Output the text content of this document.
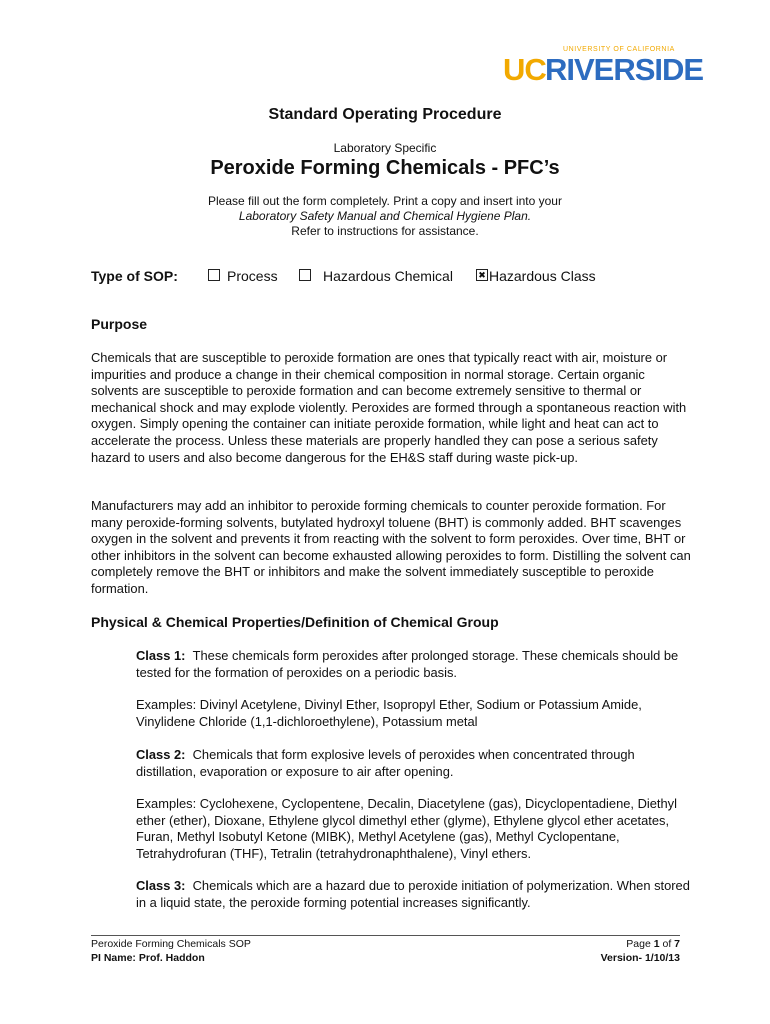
UNIVERSITY OF CALIFORNIA
UC RIVERSIDE
Standard Operating Procedure
Laboratory Specific
Peroxide Forming Chemicals - PFC’s
Please fill out the form completely. Print a copy and insert into your
Laboratory Safety Manual and Chemical Hygiene Plan.
Refer to instructions for assistance.
Type of SOP:	Process	Hazardous Chemical	✖ Hazardous Class
Purpose
Chemicals that are susceptible to peroxide formation are ones that typically react with air, moisture or impurities and produce a change in their chemical composition in normal storage. Certain organic solvents are susceptible to peroxide formation and can become extremely sensitive to thermal or mechanical shock and may explode violently. Peroxides are formed through a spontaneous reaction with oxygen. Simply opening the container can initiate peroxide formation, while light and heat can act to accelerate the process. Unless these materials are properly handled they can pose a serious safety hazard to users and also become dangerous for the EH&S staff during waste pick-up.
Manufacturers may add an inhibitor to peroxide forming chemicals to counter peroxide formation. For many peroxide-forming solvents, butylated hydroxyl toluene (BHT) is commonly added. BHT scavenges oxygen in the solvent and prevents it from reacting with the solvent to form peroxides. Over time, BHT or other inhibitors in the solvent can become exhausted allowing peroxides to form. Distilling the solvent can completely remove the BHT or inhibitors and make the solvent immediately susceptible to peroxide formation.
Physical & Chemical Properties/Definition of Chemical Group
Class 1: These chemicals form peroxides after prolonged storage. These chemicals should be tested for the formation of peroxides on a periodic basis.
Examples: Divinyl Acetylene, Divinyl Ether, Isopropyl Ether, Sodium or Potassium Amide, Vinylidene Chloride (1,1-dichloroethylene), Potassium metal
Class 2: Chemicals that form explosive levels of peroxides when concentrated through distillation, evaporation or exposure to air after opening.
Examples: Cyclohexene, Cyclopentene, Decalin, Diacetylene (gas), Dicyclopentadiene, Diethyl ether (ether), Dioxane, Ethylene glycol dimethyl ether (glyme), Ethylene glycol ether acetates, Furan, Methyl Isobutyl Ketone (MIBK), Methyl Acetylene (gas), Methyl Cyclopentane, Tetrahydrofuran (THF), Tetralin (tetrahydronaphthalene), Vinyl ethers.
Class 3: Chemicals which are a hazard due to peroxide initiation of polymerization. When stored in a liquid state, the peroxide forming potential increases significantly.
Peroxide Forming Chemicals SOP
PI Name: Prof. Haddon
Page 1 of 7
Version- 1/10/13
